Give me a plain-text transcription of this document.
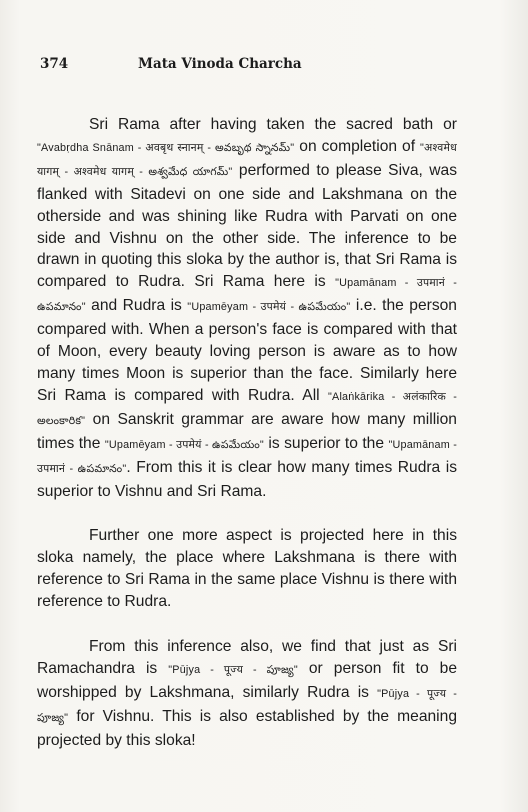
374	Mata Vinoda Charcha

Sri Rama after having taken the sacred bath or "Avabṛdha Snānam - अवबृथ स्नानम् - అవబృథ స్నానమ్" on completion of "अश्वमेध यागम् - अश्वमेध यागम् - అశ్వమేధ యాగమ్" performed to please Siva, was flanked with Sitadevi on one side and Lakshmana on the otherside and was shining like Rudra with Parvati on one side and Vishnu on the other side. The inference to be drawn in quoting this sloka by the author is, that Sri Rama is compared to Rudra. Sri Rama here is "Upamānam - उपमानं - ఉపమానం" and Rudra is "Upamēyam - उपमेयं - ఉపమేయం" i.e. the person compared with. When a person's face is compared with that of Moon, every beauty loving person is aware as to how many times Moon is superior than the face. Similarly here Sri Rama is compared with Rudra. All "Alaṅkārika - अलंकारिक - అలంకారిక" on Sanskrit grammar are aware how many million times the "Upamēyam - उपमेयं - ఉపమేయం" is superior to the "Upamānam - उपमानं - ఉపమానం". From this it is clear how many times Rudra is superior to Vishnu and Sri Rama.

Further one more aspect is projected here in this sloka namely, the place where Lakshmana is there with reference to Sri Rama in the same place Vishnu is there with reference to Rudra.

From this inference also, we find that just as Sri Ramachandra is "Pūjya - पूज्य - పూజ్య" or person fit to be worshipped by Lakshmana, similarly Rudra is "Pūjya - पूज्य - పూజ్య" for Vishnu. This is also established by the meaning projected by this sloka!
